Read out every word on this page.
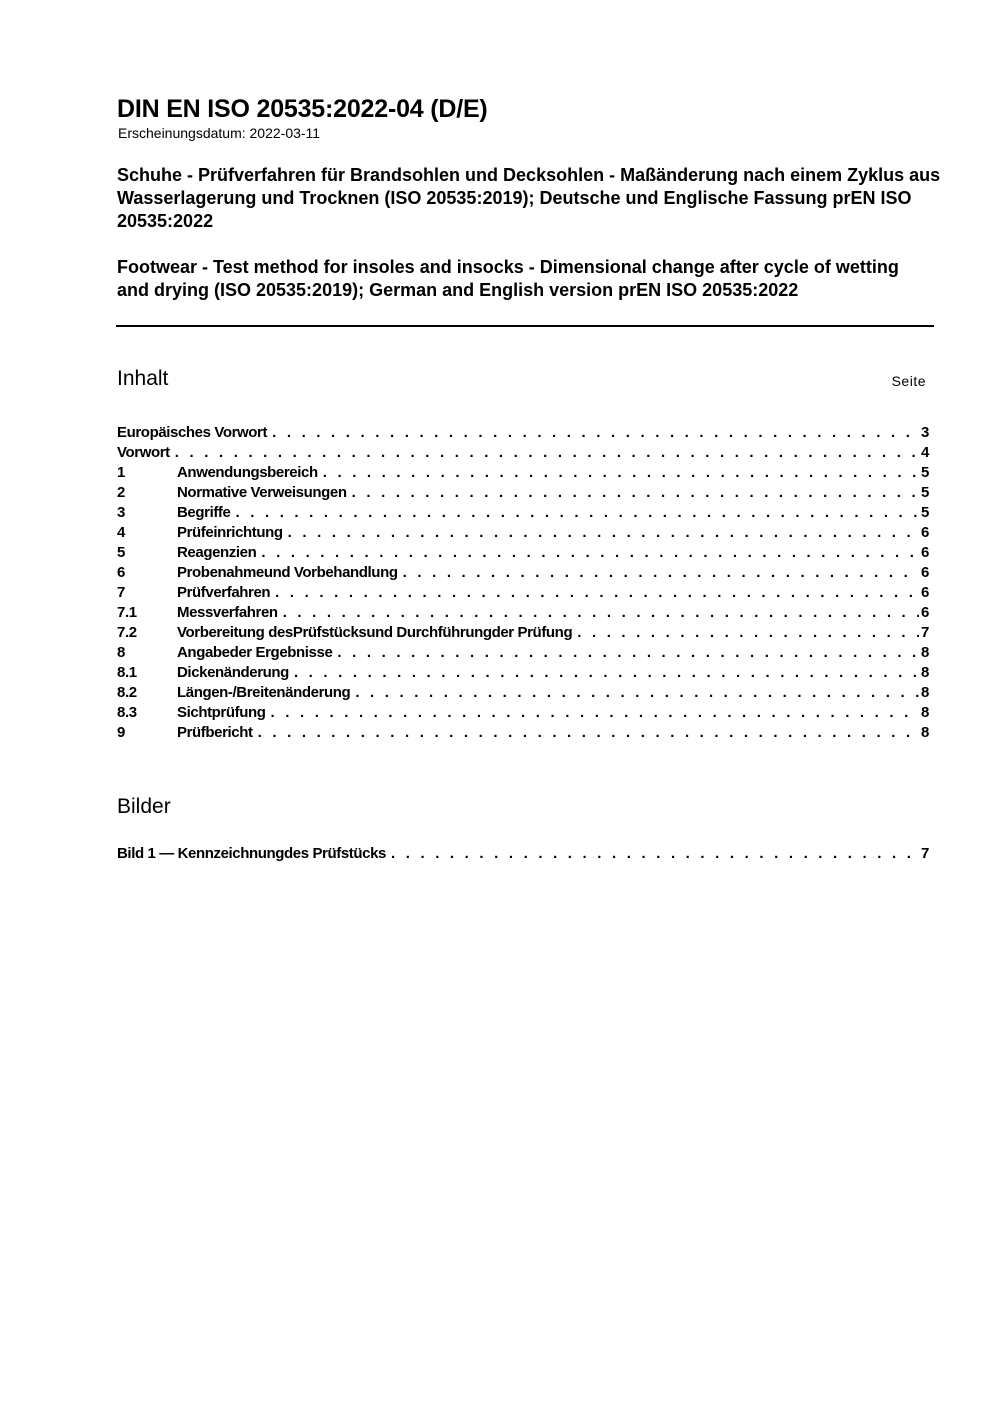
DIN EN ISO 20535:2022-04 (D/E)
Erscheinungsdatum: 2022-03-11
Schuhe - Prüfverfahren für Brandsohlen und Decksohlen - Maßänderung nach einem Zyklus aus Wasserlagerung und Trocknen (ISO 20535:2019); Deutsche und Englische Fassung prEN ISO 20535:2022
Footwear - Test method for insoles and insocks - Dimensional change after cycle of wetting and drying (ISO 20535:2019); German and English version prEN ISO 20535:2022
Inhalt	Seite
Europäisches Vorwort . . .	3
Vorwort . . .	4
1	Anwendungsbereich . . .	5
2	Normative Verweisungen . . .	5
3	Begriffe . . .	5
4	Prüfeinrichtung . . .	6
5	Reagenzien . . .	6
6	Probenahmeund Vorbehandlung . . .	6
7	Prüfverfahren . . .	6
7.1	Messverfahren . . .	6
7.2	Vorbereitung desPrüfstücksund Durchführungder Prüfung . . .	7
8	Angabeder Ergebnisse . . .	8
8.1	Dickenänderung . . .	8
8.2	Längen-/Breitenänderung . . .	8
8.3	Sichtprüfung . . .	8
9	Prüfbericht . . .	8
Bilder
Bild 1 — Kennzeichnungdes Prüfstücks . . .	7
